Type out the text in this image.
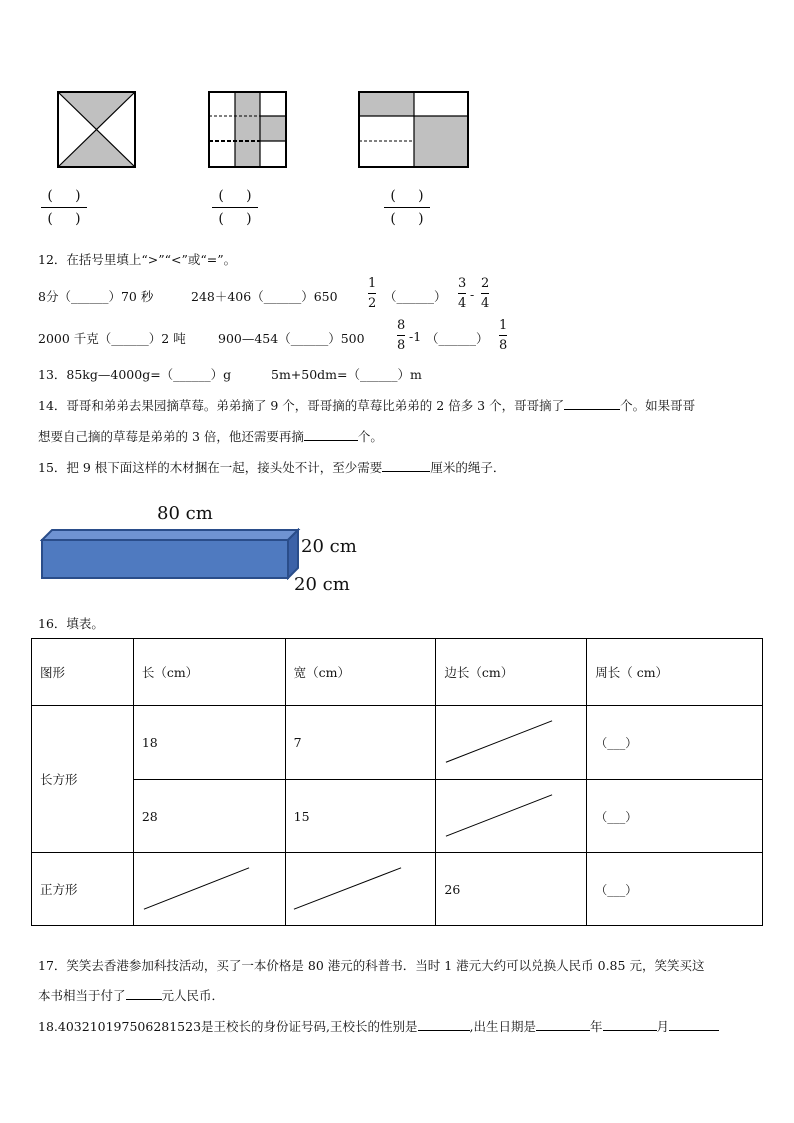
( )
( )
( )
( )
( )
( )
12．在括号里填上“>”“<”或“=”。
8分（______）70 秒	248＋406（______）650
1
2 （______）
3
4
-
2
4
2000 千克（______）2 吨	900—454（______）500
8
8
-1 （______）
1
8
13．85kg—4000g=（______）g	5m+50dm=（______）m
14．哥哥和弟弟去果园摘草莓。弟弟摘了 9 个，哥哥摘的草莓比弟弟的 2 倍多 3 个，哥哥摘了	个。如果哥哥
想要自己摘的草莓是弟弟的 3 倍，他还需要再摘	个。
15．把 9 根下面这样的木材捆在一起，接头处不计，至少需要	厘米的绳子．
80 cm
20 cm
20 cm
16．填表。
图形	长（cm）	宽（cm）	边长（cm）	周长（ cm）
长方形	18	7		（___）
	28	15		（___）
正方形			26	（___）
17．笑笑去香港参加科技活动，买了一本价格是 80 港元的科普书．当时 1 港元大约可以兑换人民币 0.85 元，笑笑买这
本书相当于付了	元人民币．
18.403210197506281523是王校长的身份证号码,王校长的性别是	,出生日期是	年	月
